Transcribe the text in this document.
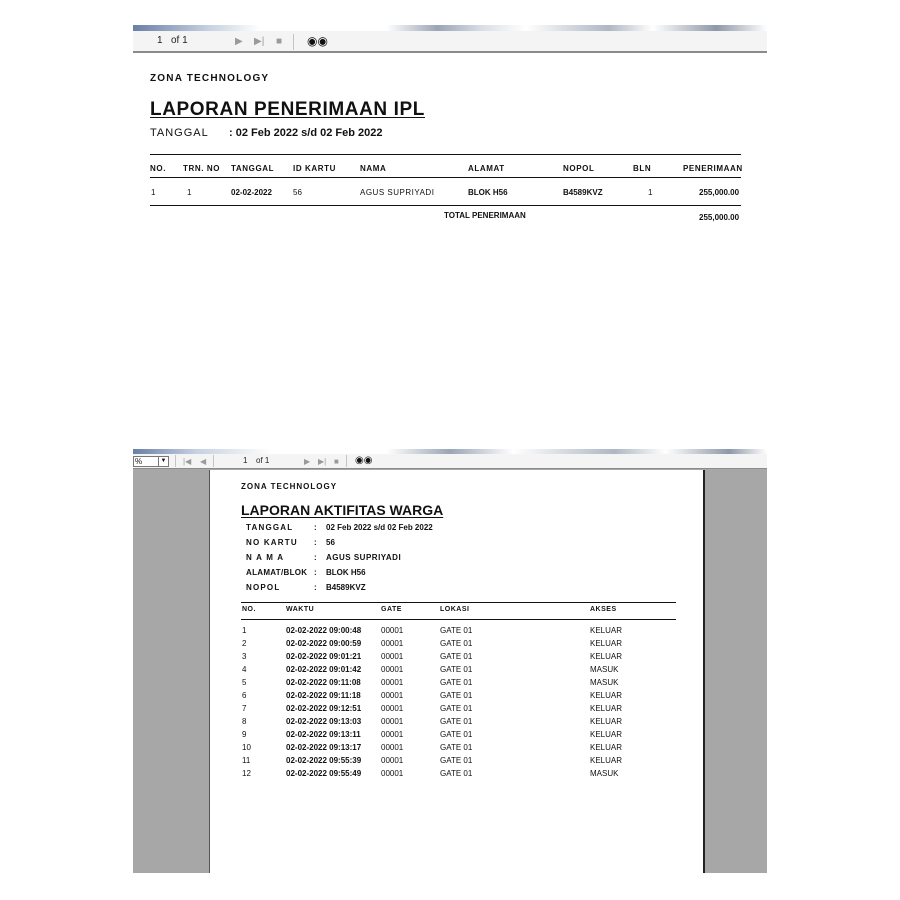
1 of 1	▶ ▶| ■ ◉◉
ZONA TECHNOLOGY
LAPORAN PENERIMAAN IPL
TANGGAL : 02 Feb 2022 s/d 02 Feb 2022
NO. TRN. NO TANGGAL ID KARTU	NAMA	ALAMAT	NOPOL	BLN	PENERIMAAN
1	1	02-02-2022	56	AGUS SUPRIYADI	BLOK H56	B4589KVZ	1	255,000.00
TOTAL PENERIMAAN	255,000.00
%	▼ |◀ ◀	1 of 1	▶ ▶| ■ ◉◉
ZONA TECHNOLOGY
LAPORAN AKTIFITAS WARGA
TANGGAL	: 02 Feb 2022 s/d 02 Feb 2022
NO KARTU : 56
N A M A	: AGUS SUPRIYADI
ALAMAT/BLOK : BLOK H56
NOPOL	: B4589KVZ
NO.	WAKTU	GATE	LOKASI	AKSES
1	02-02-2022 09:00:48 00001	GATE 01	KELUAR
2	02-02-2022 09:00:59 00001	GATE 01	KELUAR
3	02-02-2022 09:01:21 00001	GATE 01	KELUAR
4	02-02-2022 09:01:42 00001	GATE 01	MASUK
5	02-02-2022 09:11:08	00001	GATE 01	MASUK
6	02-02-2022 09:11:18	00001	GATE 01	KELUAR
7	02-02-2022 09:12:51 00001	GATE 01	KELUAR
8	02-02-2022 09:13:03 00001	GATE 01	KELUAR
9	02-02-2022 09:13:11	00001	GATE 01	KELUAR
10	02-02-2022 09:13:17 00001	GATE 01	KELUAR
11	02-02-2022 09:55:39 00001	GATE 01	KELUAR
12	02-02-2022 09:55:49 00001	GATE 01	MASUK
